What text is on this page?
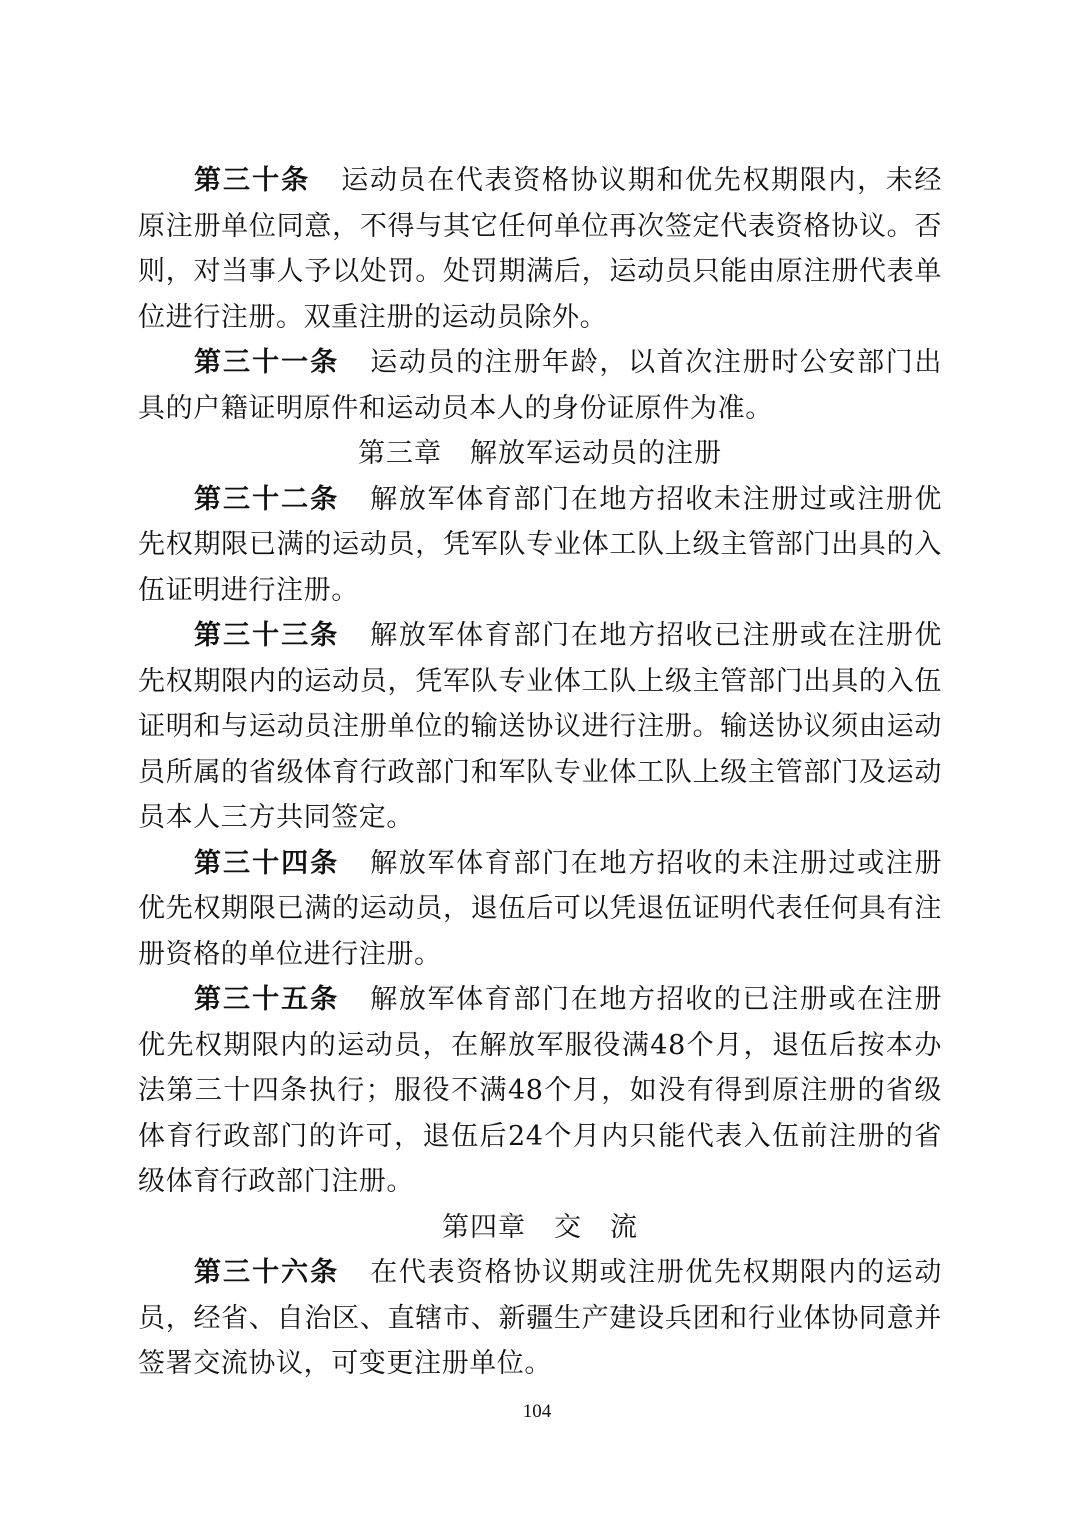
第三十条 运动员在代表资格协议期和优先权期限内，未经原注册单位同意，不得与其它任何单位再次签定代表资格协议。否则，对当事人予以处罚。处罚期满后，运动员只能由原注册代表单位进行注册。双重注册的运动员除外。

第三十一条 运动员的注册年龄，以首次注册时公安部门出具的户籍证明原件和运动员本人的身份证原件为准。

第三章　解放军运动员的注册

第三十二条 解放军体育部门在地方招收未注册过或注册优先权期限已满的运动员，凭军队专业体工队上级主管部门出具的入伍证明进行注册。

第三十三条 解放军体育部门在地方招收已注册或在注册优先权期限内的运动员，凭军队专业体工队上级主管部门出具的入伍证明和与运动员注册单位的输送协议进行注册。输送协议须由运动员所属的省级体育行政部门和军队专业体工队上级主管部门及运动员本人三方共同签定。

第三十四条 解放军体育部门在地方招收的未注册过或注册优先权期限已满的运动员，退伍后可以凭退伍证明代表任何具有注册资格的单位进行注册。

第三十五条 解放军体育部门在地方招收的已注册或在注册优先权期限内的运动员，在解放军服役满48个月，退伍后按本办法第三十四条执行；服役不满48个月，如没有得到原注册的省级体育行政部门的许可，退伍后24个月内只能代表入伍前注册的省级体育行政部门注册。

第四章　交　流

第三十六条 在代表资格协议期或注册优先权期限内的运动员，经省、自治区、直辖市、新疆生产建设兵团和行业体协同意并签署交流协议，可变更注册单位。

104
